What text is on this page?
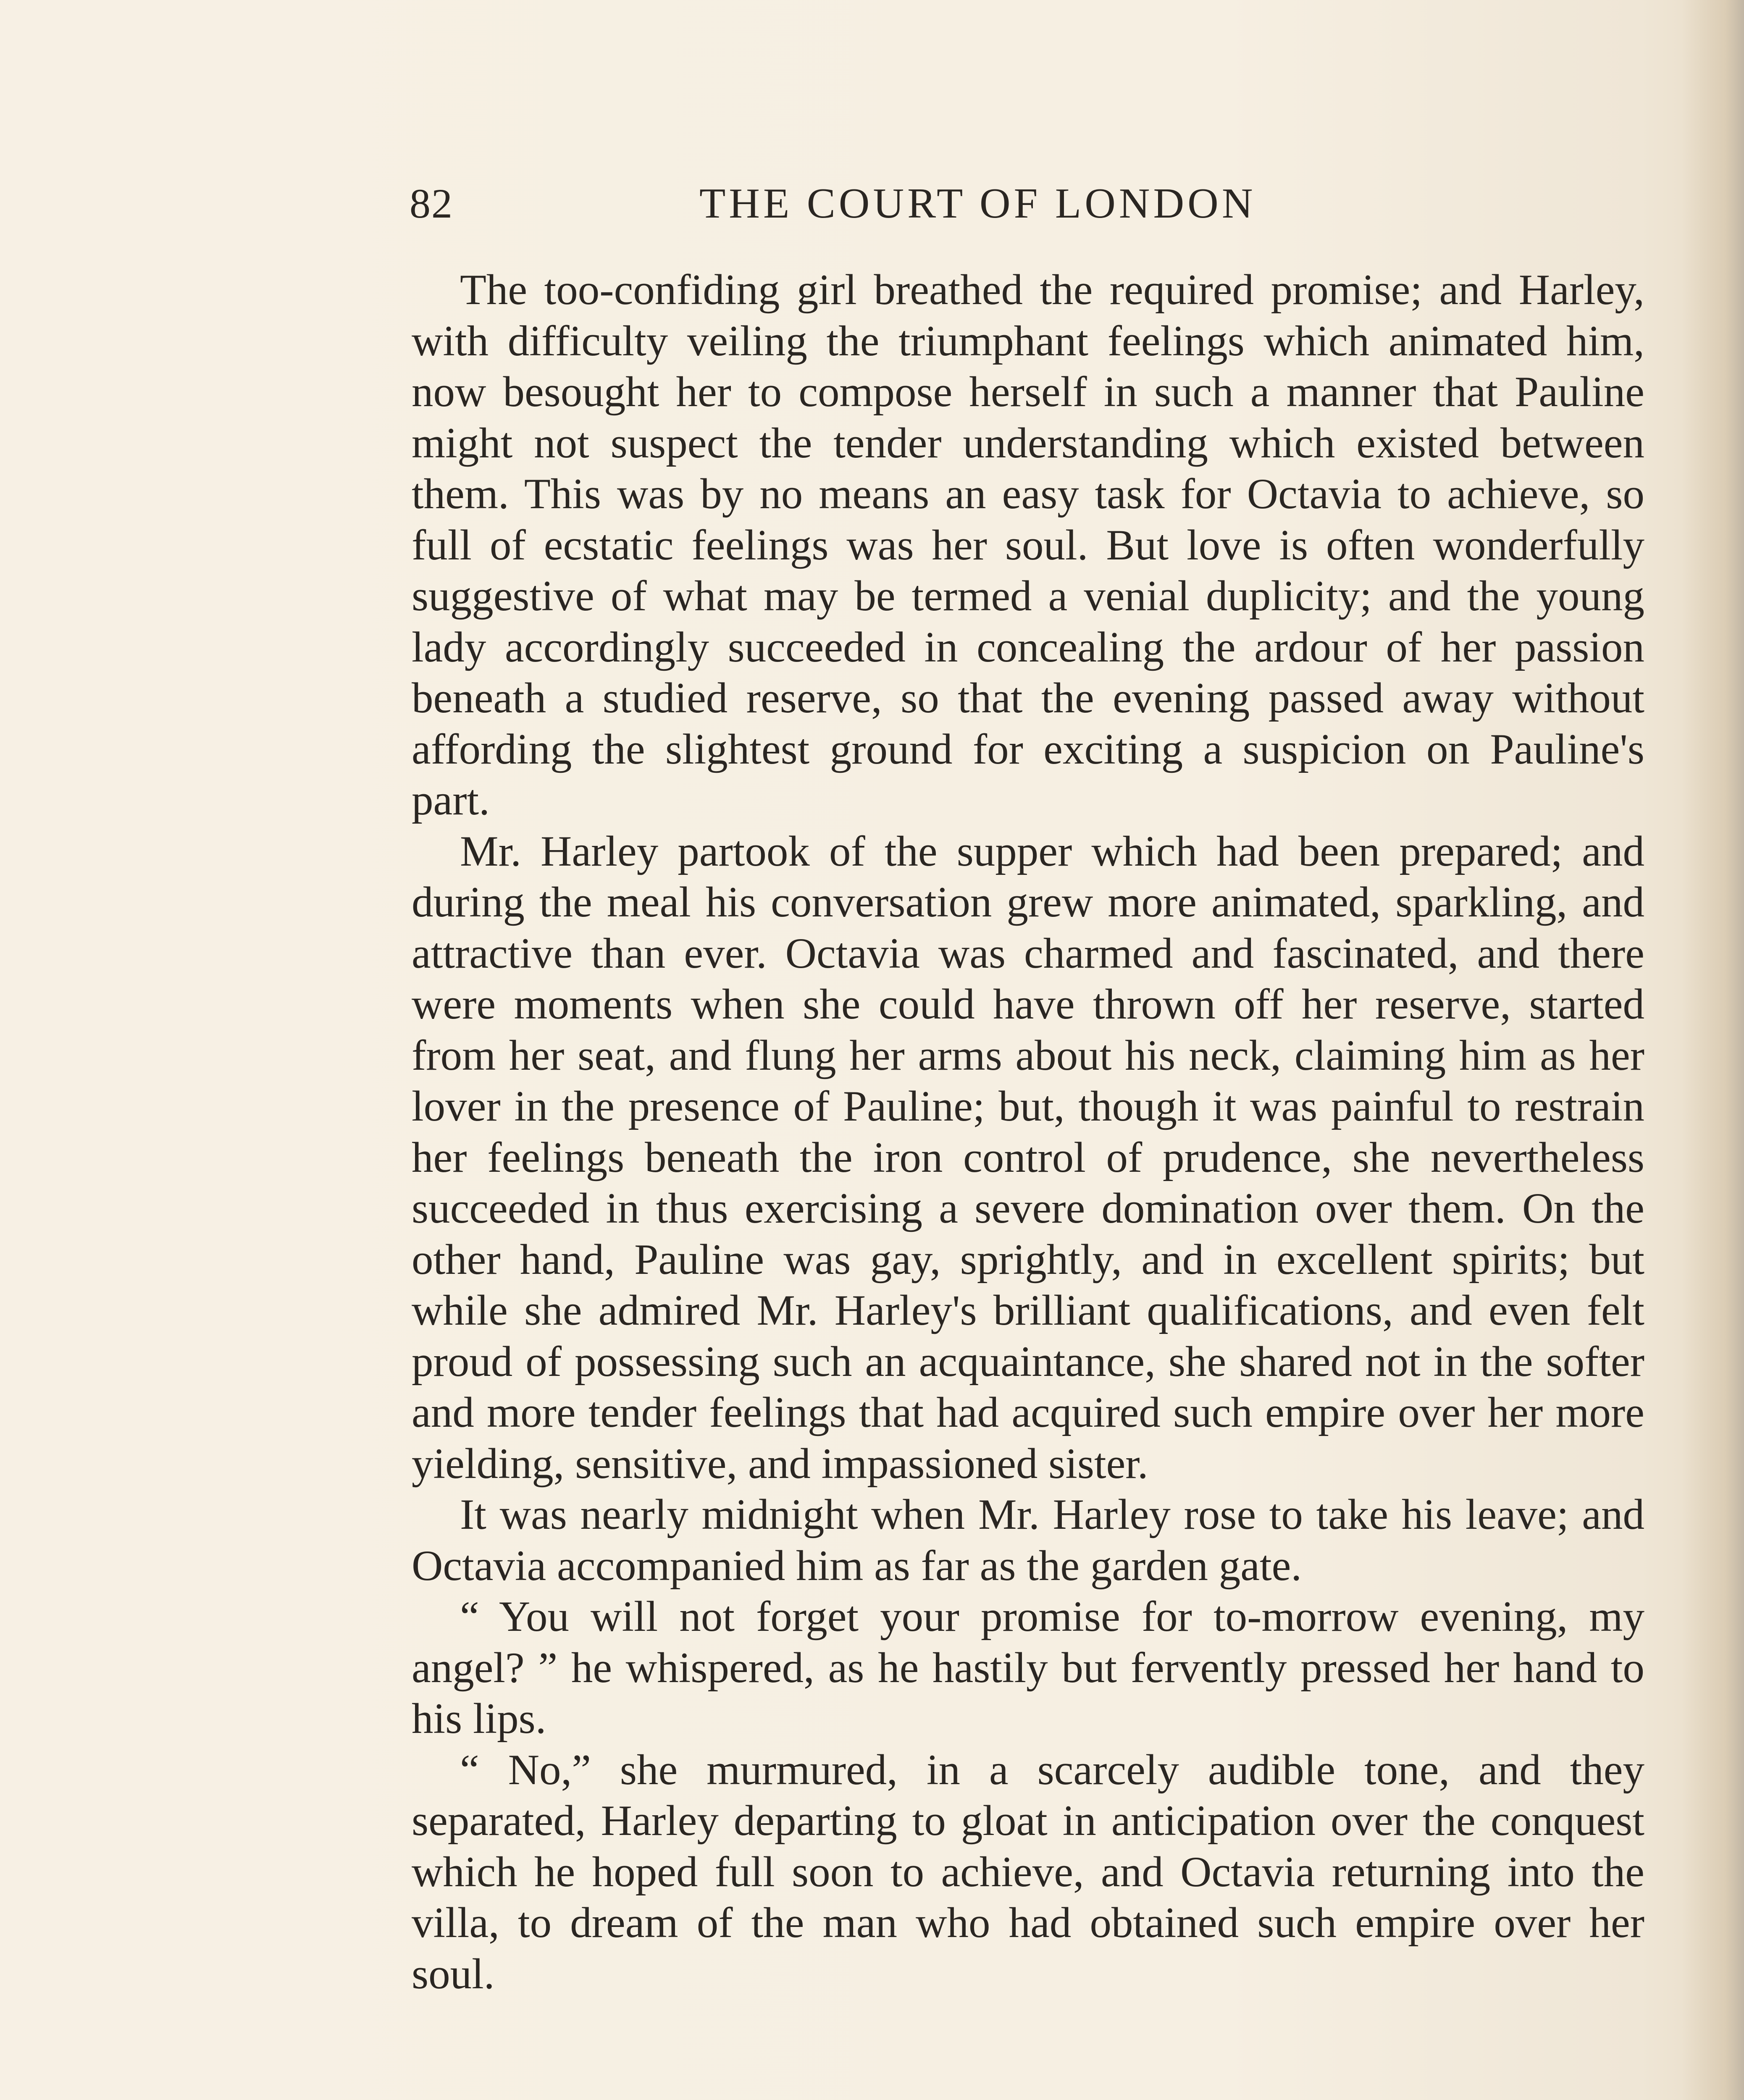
82	THE COURT OF LONDON

The too-confiding girl breathed the required promise; and Harley, with difficulty veiling the triumphant feelings which animated him, now besought her to compose herself in such a manner that Pauline might not suspect the tender understanding which existed between them. This was by no means an easy task for Octavia to achieve, so full of ecstatic feelings was her soul. But love is often wonderfully suggestive of what may be termed a venial duplicity; and the young lady accordingly succeeded in concealing the ardour of her passion beneath a studied reserve, so that the evening passed away without affording the slightest ground for exciting a suspicion on Pauline's part.

Mr. Harley partook of the supper which had been prepared; and during the meal his conversation grew more animated, sparkling, and attractive than ever. Octavia was charmed and fascinated, and there were moments when she could have thrown off her reserve, started from her seat, and flung her arms about his neck, claiming him as her lover in the presence of Pauline; but, though it was painful to restrain her feelings beneath the iron control of prudence, she nevertheless succeeded in thus exercising a severe domination over them. On the other hand, Pauline was gay, sprightly, and in excellent spirits; but while she admired Mr. Harley's brilliant qualifications, and even felt proud of possessing such an acquaintance, she shared not in the softer and more tender feelings that had acquired such empire over her more yielding, sensitive, and impassioned sister.

It was nearly midnight when Mr. Harley rose to take his leave; and Octavia accompanied him as far as the garden gate.

“ You will not forget your promise for to-morrow evening, my angel? ” he whispered, as he hastily but fervently pressed her hand to his lips.

“ No,” she murmured, in a scarcely audible tone, and they separated, Harley departing to gloat in anticipation over the conquest which he hoped full soon to achieve, and Octavia returning into the villa, to dream of the man who had obtained such empire over her soul.
